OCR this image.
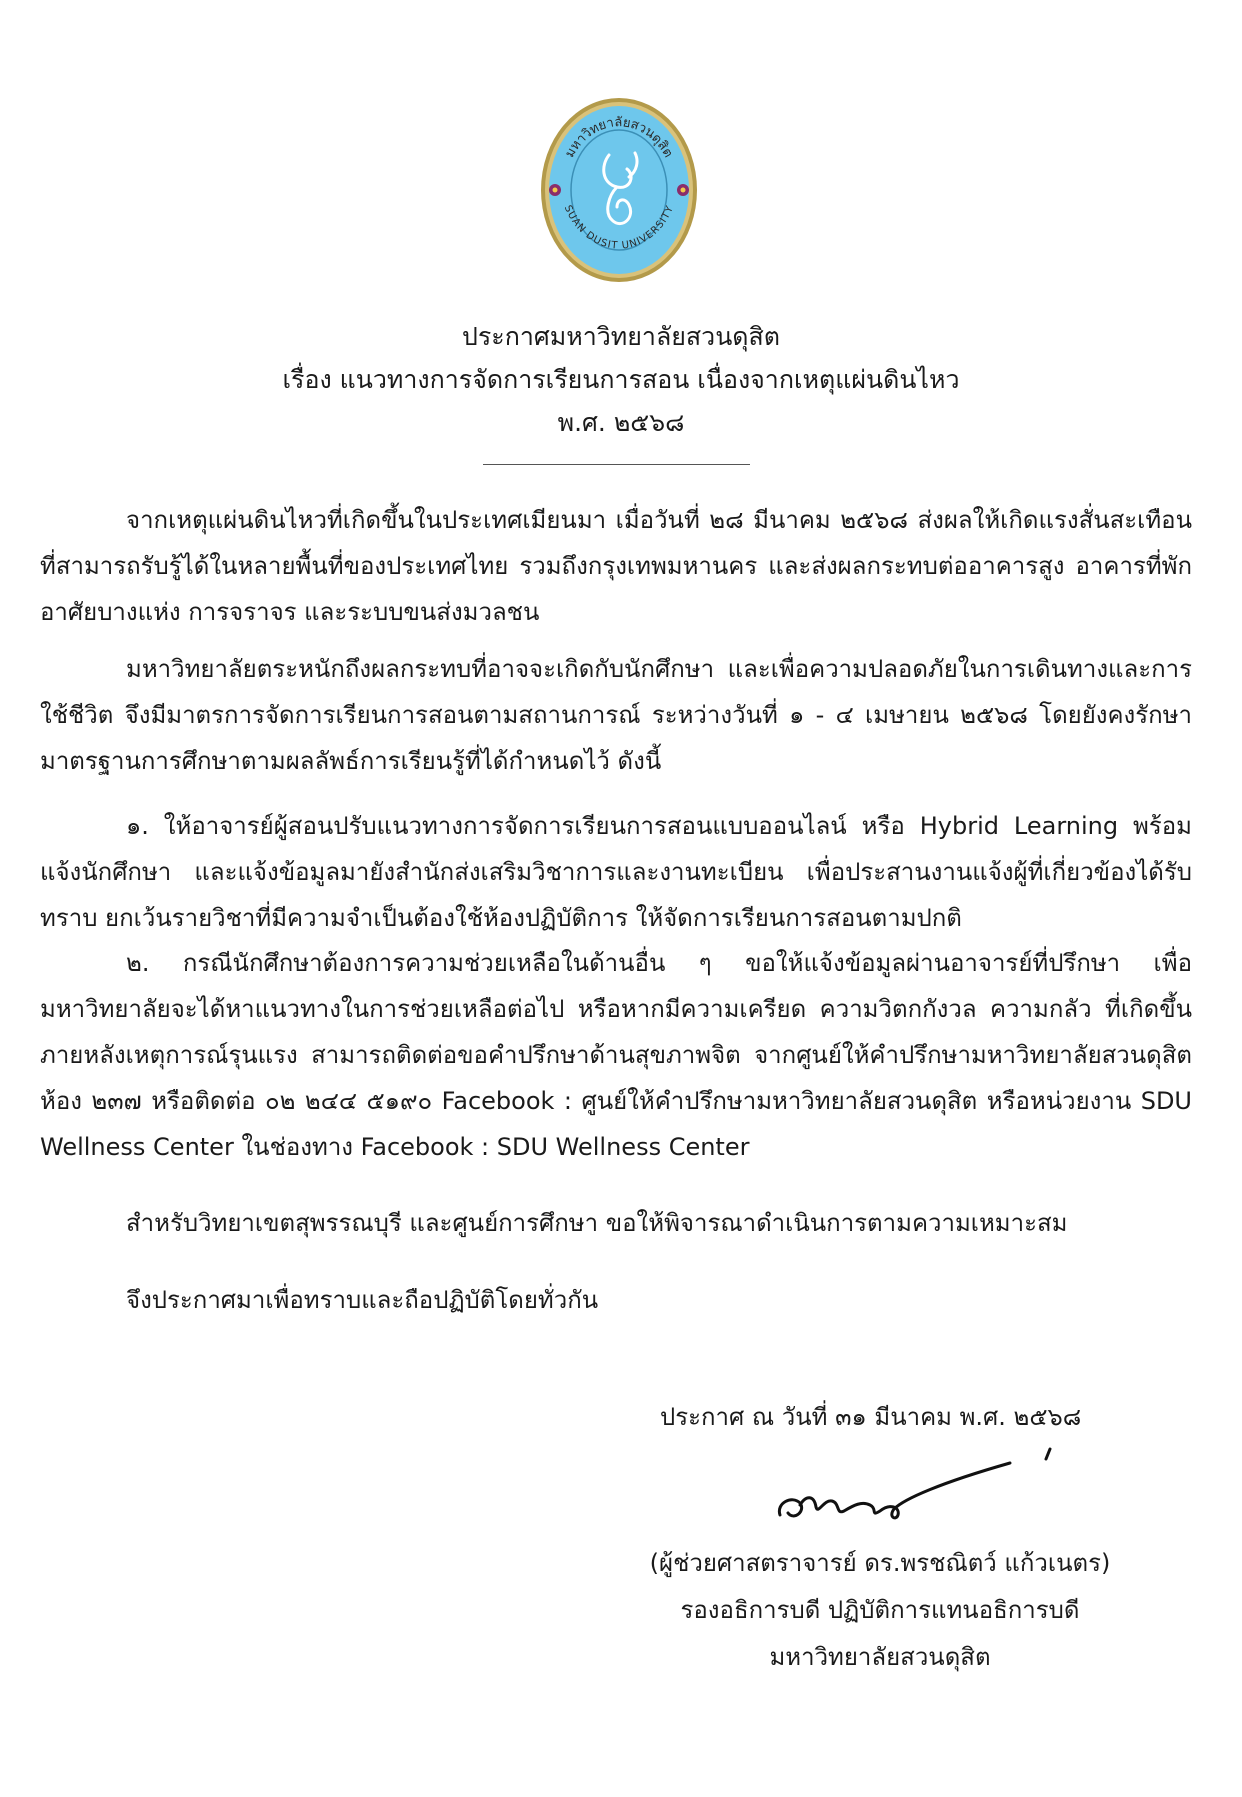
มหาวิทยาลัยสวนดุสิต
SUAN DUSIT UNIVERSITY
ประกาศมหาวิทยาลัยสวนดุสิต
เรื่อง แนวทางการจัดการเรียนการสอน เนื่องจากเหตุแผ่นดินไหว
พ.ศ. ๒๕๖๘

จากเหตุแผ่นดินไหวที่เกิดขึ้นในประเทศเมียนมา เมื่อวันที่ ๒๘ มีนาคม ๒๕๖๘ ส่งผลให้เกิดแรงสั่นสะเทือนที่สามารถรับรู้ได้ในหลายพื้นที่ของประเทศไทย รวมถึงกรุงเทพมหานคร และส่งผลกระทบต่ออาคารสูง อาคารที่พักอาศัยบางแห่ง การจราจร และระบบขนส่งมวลชน

มหาวิทยาลัยตระหนักถึงผลกระทบที่อาจจะเกิดกับนักศึกษา และเพื่อความปลอดภัยในการเดินทางและการใช้ชีวิต จึงมีมาตรการจัดการเรียนการสอนตามสถานการณ์ ระหว่างวันที่ ๑ - ๔ เมษายน ๒๕๖๘ โดยยังคงรักษามาตรฐานการศึกษาตามผลลัพธ์การเรียนรู้ที่ได้กำหนดไว้ ดังนี้

๑. ให้อาจารย์ผู้สอนปรับแนวทางการจัดการเรียนการสอนแบบออนไลน์ หรือ Hybrid Learning พร้อมแจ้งนักศึกษา และแจ้งข้อมูลมายังสำนักส่งเสริมวิชาการและงานทะเบียน เพื่อประสานงานแจ้งผู้ที่เกี่ยวข้องได้รับทราบ ยกเว้นรายวิชาที่มีความจำเป็นต้องใช้ห้องปฏิบัติการ ให้จัดการเรียนการสอนตามปกติ

๒. กรณีนักศึกษาต้องการความช่วยเหลือในด้านอื่น ๆ ขอให้แจ้งข้อมูลผ่านอาจารย์ที่ปรึกษา เพื่อมหาวิทยาลัยจะได้หาแนวทางในการช่วยเหลือต่อไป หรือหากมีความเครียด ความวิตกกังวล ความกลัว ที่เกิดขึ้นภายหลังเหตุการณ์รุนแรง สามารถติดต่อขอคำปรึกษาด้านสุขภาพจิต จากศูนย์ให้คำปรึกษามหาวิทยาลัยสวนดุสิต ห้อง ๒๓๗ หรือติดต่อ ๐๒ ๒๔๔ ๕๑๙๐ Facebook : ศูนย์ให้คำปรึกษามหาวิทยาลัยสวนดุสิต หรือหน่วยงาน SDU Wellness Center ในช่องทาง Facebook : SDU Wellness Center

สำหรับวิทยาเขตสุพรรณบุรี และศูนย์การศึกษา ขอให้พิจารณาดำเนินการตามความเหมาะสม
จึงประกาศมาเพื่อทราบและถือปฏิบัติโดยทั่วกัน
ประกาศ ณ วันที่ ๓๑ มีนาคม พ.ศ. ๒๕๖๘
(ผู้ช่วยศาสตราจารย์ ดร.พรชณิตว์ แก้วเนตร)
รองอธิการบดี ปฏิบัติการแทนอธิการบดี
มหาวิทยาลัยสวนดุสิต
